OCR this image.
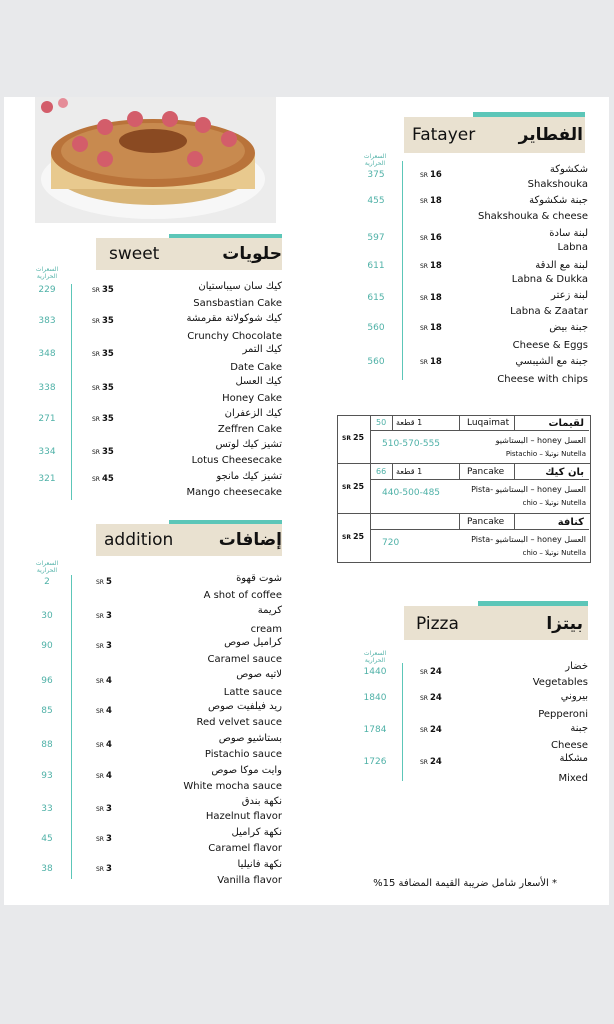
Fatayer	الفطاير
السعرات الحرارية
375	SR 16	شكشوكة
Shakshouka
455	SR 18	جبنة شكشوكة
Shakshouka & cheese
597	SR 16	لبنة سادة
Labna
611	SR 18	لبنة مع الدقة
Labna & Dukka
615	SR 18	لبنة زعتر
Labna & Zaatar
560	SR 18	جبنة بيض
Cheese & Eggs
560	SR 18	جبنة مع الشيبسي
Cheese with chips
sweet	حلويات
السعرات الحرارية
229	SR 35	كيك سان سيباستيان
Sansbastian Cake
383	SR 35	كيك شوكولاتة مقرمشة
Crunchy Chocolate
348	SR 35	كيك التمر
Date Cake
338	SR 35
كيك العسل
Honey Cake
271	SR 35	كيك الزعفران
Zeffren Cake
334	SR 35
تشيز كيك لوتس
Lotus Cheesecake
321	SR 45	تشيز كيك مانجو
Mango cheesecake
addition	إضافات
السعرات الحرارية
2	SR 5	شوت قهوة
A shot of coffee
30	SR 3	كريمة
cream
90	SR 3	كراميل صوص
Caramel sauce
96	SR 4
لاتيه صوص
Latte sauce
85	SR 4	ريد فيلفيت صوص
Red velvet sauce
88	SR 4
بستاشيو صوص
Pistachio sauce
93	SR 4	وايت موكا صوص
White mocha sauce
33	SR 3
نكهة بندق
Hazelnut flavor
45	SR 3
نكهة كراميل
Caramel flavor
38	SR 3	نكهة فانيليا
Vanilla flavor
SR 25
50 1 قطعة	Luqaimat	لقيمات
510-570-555	العسل honey – البستاشيو
Nutella نوتيلا – Pistachio
SR 25
66 1 قطعة	Pancake	بان كيك
440-500-485	العسل honey – البستاشيو -Pista
Nutella نوتيلا – chio
SR 25
Pancake	كنافة
720	العسل honey – البستاشيو -Pista
Nutella نوتيلا – chio
Pizza	بيتزا
السعرات الحرارية
1440	SR 24	خضار
Vegetables
1840	SR 24	بيروني
Pepperoni
1784	SR 24	جبنة
Cheese
1726	SR 24	مشكلة
Mixed
* الأسعار شامل ضريبة القيمة المضافة 15%
